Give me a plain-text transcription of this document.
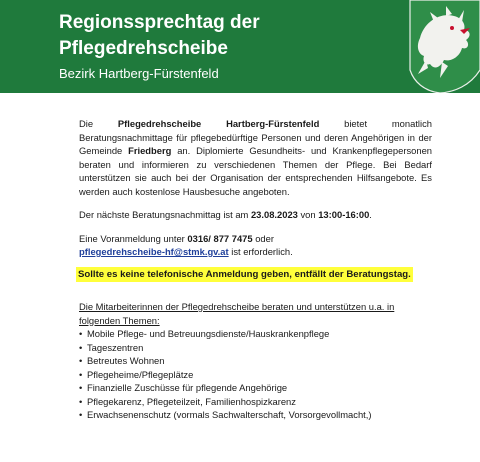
Regionssprechtag der
Pflegedrehscheibe
Bezirk Hartberg-Fürstenfeld

Die Pflegedrehscheibe Hartberg-Fürstenfeld bietet monatlich Beratungsnachmittage für pflegebedürftige Personen und deren Angehörigen in der Gemeinde Friedberg an. Diplomierte Gesundheits- und Krankenpflegepersonen beraten und informieren zu verschiedenen Themen der Pflege. Bei Bedarf unterstützen sie auch bei der Organisation der entsprechenden Hilfsangebote. Es werden auch kostenlose Hausbesuche angeboten.

Der nächste Beratungsnachmittag ist am 23.08.2023 von 13:00-16:00.

Eine Voranmeldung unter 0316/ 877 7475 oder
pflegedrehscheibe-hf@stmk.gv.at ist erforderlich.

Sollte es keine telefonische Anmeldung geben, entfällt der Beratungstag.

Die Mitarbeiterinnen der Pflegedrehscheibe beraten und unterstützen u.a. in folgenden Themen:

• Mobile Pflege- und Betreuungsdienste/Hauskrankenpflege
• Tageszentren
• Betreutes Wohnen
• Pflegeheime/Pflegeplätze
• Finanzielle Zuschüsse für pflegende Angehörige
• Pflegekarenz, Pflegeteilzeit, Familienhospizkarenz
• Erwachsenenschutz (vormals Sachwalterschaft, Vorsorgevollmacht,)
